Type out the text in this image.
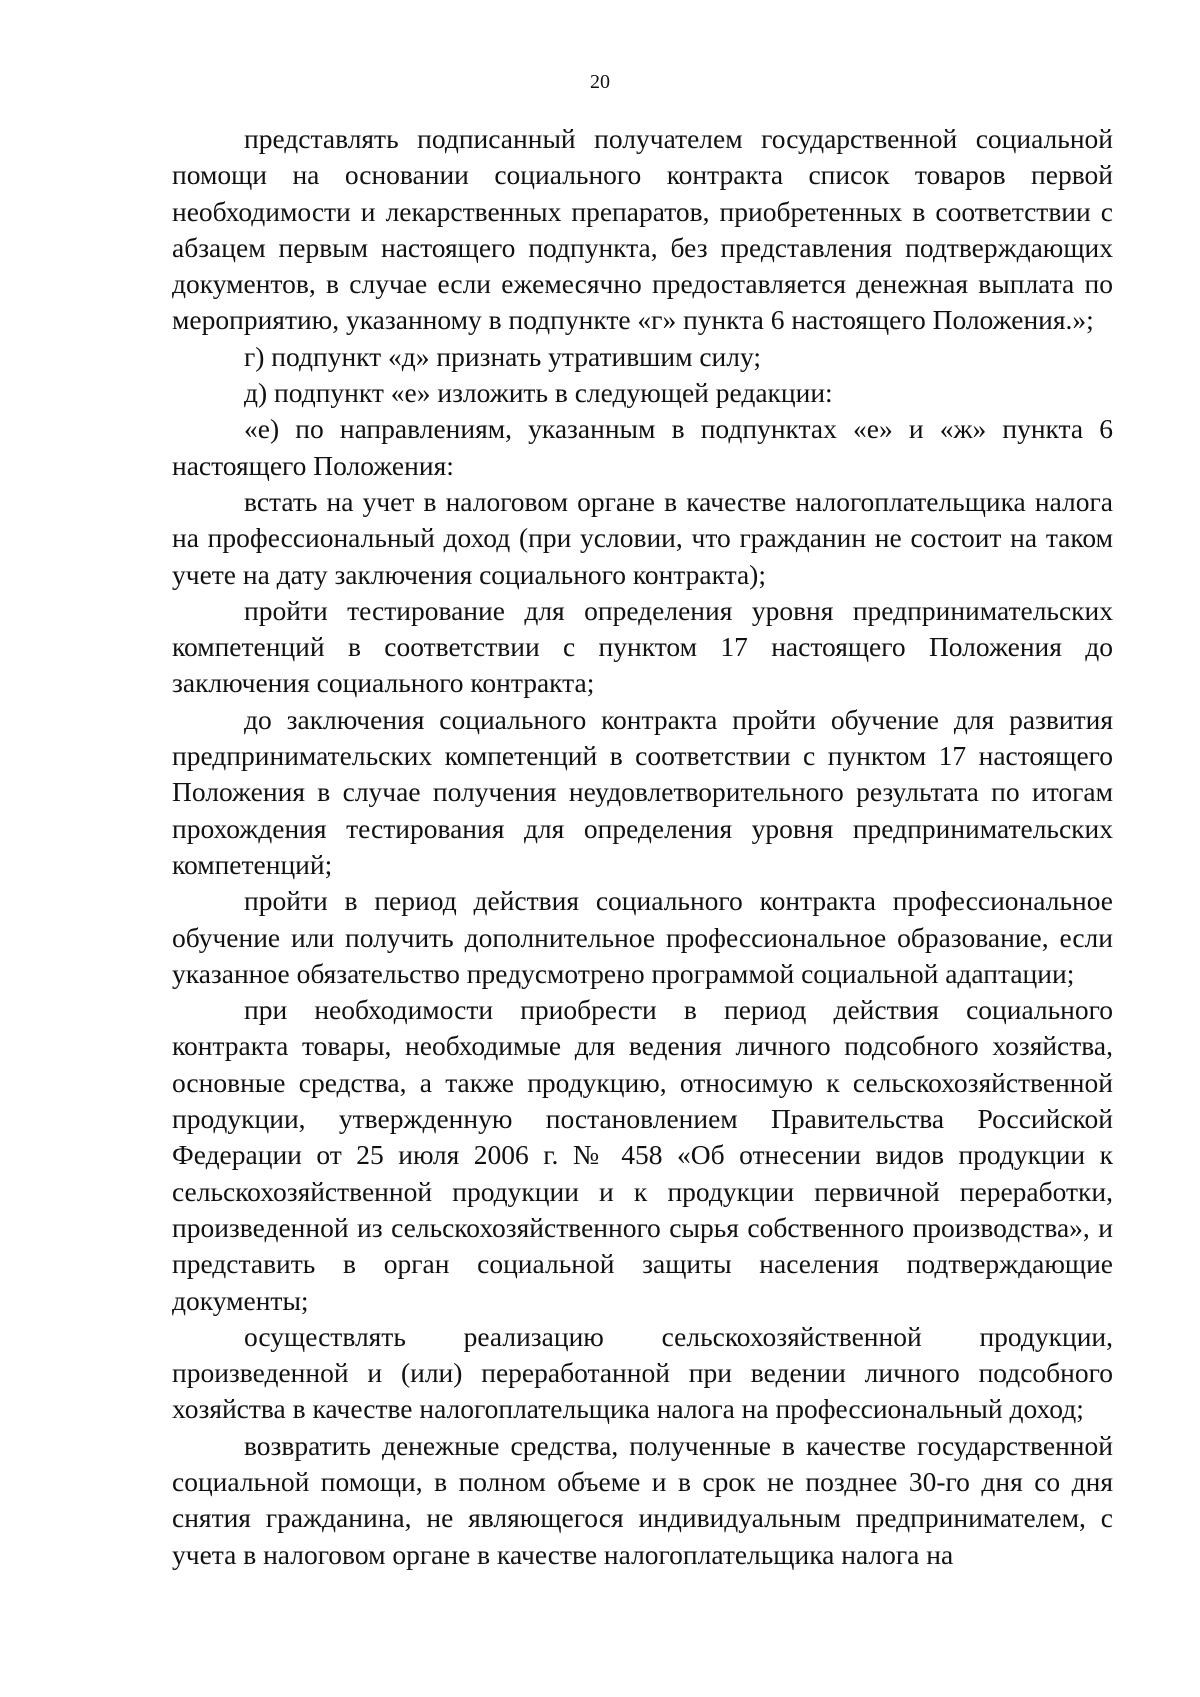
20

представлять подписанный получателем государственной социальной помощи на основании социального контракта список товаров первой необходимости и лекарственных препаратов, приобретенных в соответствии с абзацем первым настоящего подпункта, без представления подтверждающих документов, в случае если ежемесячно предоставляется денежная выплата по мероприятию, указанному в подпункте «г» пункта 6 настоящего Положения.»;

г) подпункт «д» признать утратившим силу;

д) подпункт «е» изложить в следующей редакции:

«е) по направлениям, указанным в подпунктах «е» и «ж» пункта 6 настоящего Положения:

встать на учет в налоговом органе в качестве налогоплательщика налога на профессиональный доход (при условии, что гражданин не состоит на таком учете на дату заключения социального контракта);

пройти тестирование для определения уровня предпринимательских компетенций в соответствии с пунктом 17 настоящего Положения до заключения социального контракта;

до заключения социального контракта пройти обучение для развития предпринимательских компетенций в соответствии с пунктом 17 настоящего Положения в случае получения неудовлетворительного результата по итогам прохождения тестирования для определения уровня предпринимательских компетенций;

пройти в период действия социального контракта профессиональное обучение или получить дополнительное профессиональное образование, если указанное обязательство предусмотрено программой социальной адаптации;

при необходимости приобрести в период действия социального контракта товары, необходимые для ведения личного подсобного хозяйства, основные средства, а также продукцию, относимую к сельскохозяйственной продукции, утвержденную постановлением Правительства Российской Федерации от 25 июля 2006 г. № 458 «Об отнесении видов продукции к сельскохозяйственной продукции и к продукции первичной переработки, произведенной из сельскохозяйственного сырья собственного производства», и представить в орган социальной защиты населения подтверждающие документы;

осуществлять реализацию сельскохозяйственной продукции, произведенной и (или) переработанной при ведении личного подсобного хозяйства в качестве налогоплательщика налога на профессиональный доход;

возвратить денежные средства, полученные в качестве государственной социальной помощи, в полном объеме и в срок не позднее 30-го дня со дня снятия гражданина, не являющегося индивидуальным предпринимателем, с учета в налоговом органе в качестве налогоплательщика налога на
